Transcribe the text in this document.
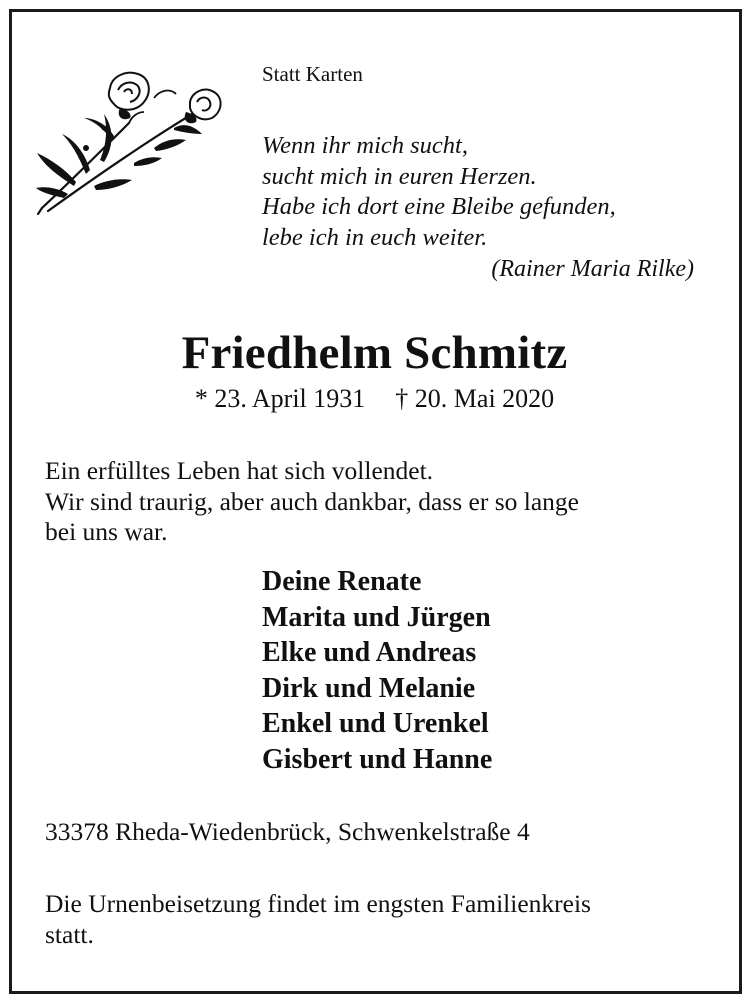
Statt Karten
Wenn ihr mich sucht,
sucht mich in euren Herzen.
Habe ich dort eine Bleibe gefunden,
lebe ich in euch weiter.
(Rainer Maria Rilke)
Friedhelm Schmitz
* 23. April 1931 † 20. Mai 2020
Ein erfülltes Leben hat sich vollendet.
Wir sind traurig, aber auch dankbar, dass er so lange
bei uns war.
Deine Renate
Marita und Jürgen
Elke und Andreas
Dirk und Melanie
Enkel und Urenkel
Gisbert und Hanne
33378 Rheda-Wiedenbrück, Schwenkelstraße 4
Die Urnenbeisetzung findet im engsten Familienkreis
statt.
